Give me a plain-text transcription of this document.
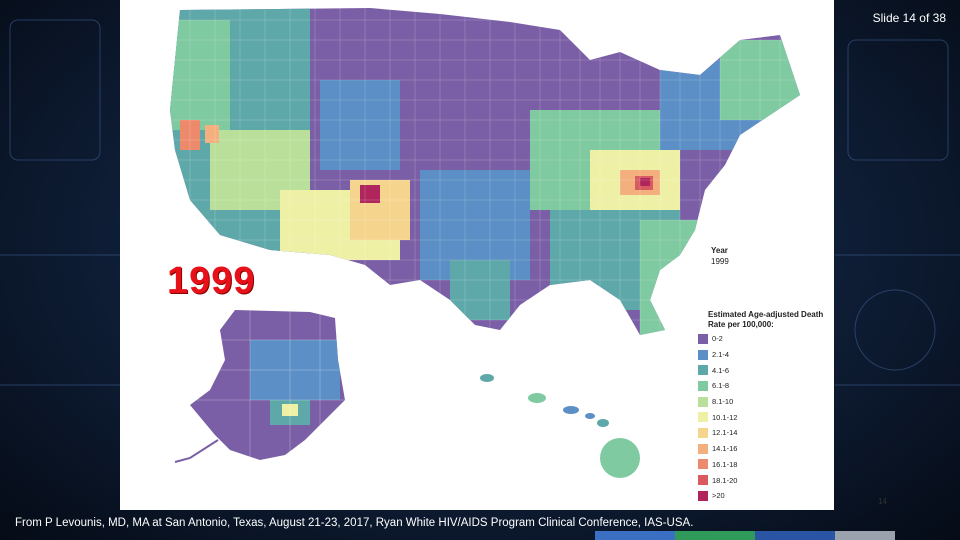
Slide 14 of 38
Year
1999
1999
Estimated Age-adjusted Death Rate per 100,000:
0-2
2.1-4
4.1-6
6.1-8
8.1-10
10.1-12
12.1-14
14.1-16
16.1-18
18.1-20
>20
14
From P Levounis, MD, MA at San Antonio, Texas, August 21-23, 2017, Ryan White HIV/AIDS Program Clinical Conference, IAS-USA.
